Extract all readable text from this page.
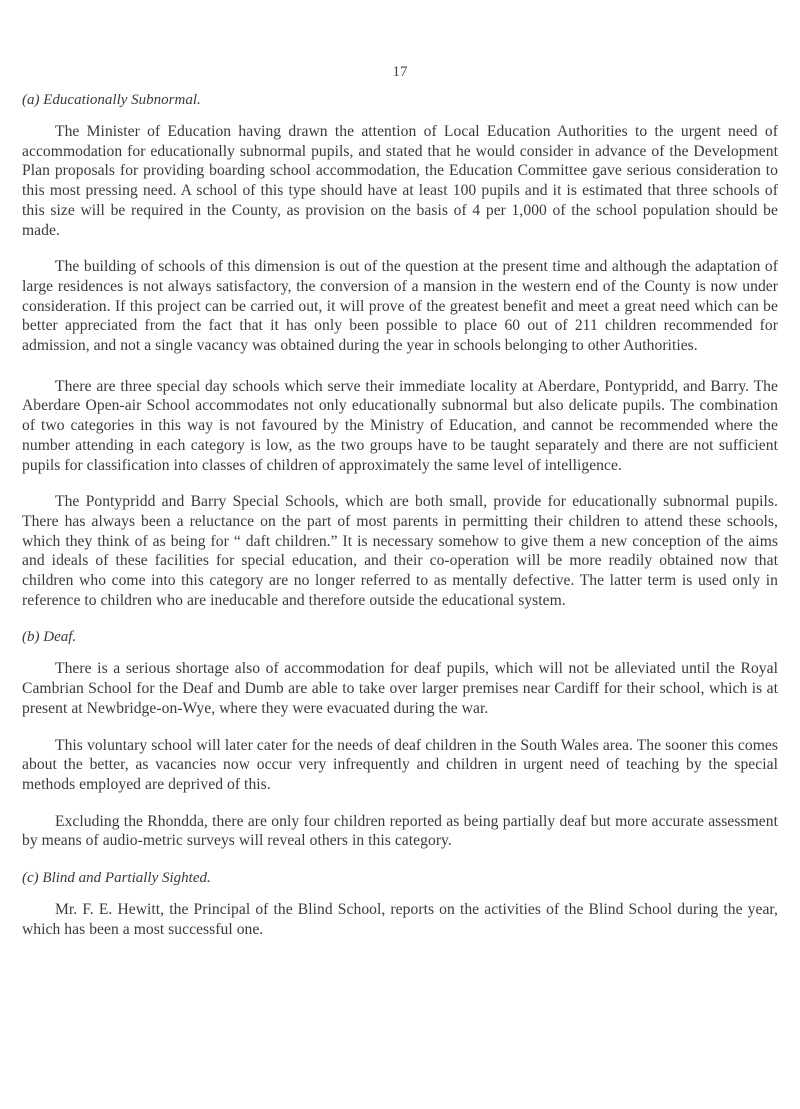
17
(a) Educationally Subnormal.

The Minister of Education having drawn the attention of Local Education Authorities to the urgent need of accommodation for educationally subnormal pupils, and stated that he would consider in advance of the Development Plan proposals for providing boarding school accommodation, the Education Committee gave serious consideration to this most pressing need. A school of this type should have at least 100 pupils and it is estimated that three schools of this size will be required in the County, as provision on the basis of 4 per 1,000 of the school population should be made.

The building of schools of this dimension is out of the question at the present time and although the adaptation of large residences is not always satisfactory, the conversion of a mansion in the western end of the County is now under consideration. If this project can be carried out, it will prove of the greatest benefit and meet a great need which can be better appreciated from the fact that it has only been possible to place 60 out of 211 children recommended for admission, and not a single vacancy was obtained during the year in schools belonging to other Authorities.

There are three special day schools which serve their immediate locality at Aberdare, Pontypridd, and Barry. The Aberdare Open-air School accommodates not only educationally subnormal but also delicate pupils. The combination of two categories in this way is not favoured by the Ministry of Education, and cannot be recommended where the number attending in each category is low, as the two groups have to be taught separately and there are not sufficient pupils for classification into classes of children of approximately the same level of intelligence.

The Pontypridd and Barry Special Schools, which are both small, provide for educationally subnormal pupils. There has always been a reluctance on the part of most parents in permitting their children to attend these schools, which they think of as being for “ daft children.” It is necessary somehow to give them a new conception of the aims and ideals of these facilities for special education, and their co-operation will be more readily obtained now that children who come into this category are no longer referred to as mentally defective. The latter term is used only in reference to children who are ineducable and therefore outside the educational system.

(b) Deaf.

There is a serious shortage also of accommodation for deaf pupils, which will not be alleviated until the Royal Cambrian School for the Deaf and Dumb are able to take over larger premises near Cardiff for their school, which is at present at Newbridge-on-Wye, where they were evacuated during the war.

This voluntary school will later cater for the needs of deaf children in the South Wales area. The sooner this comes about the better, as vacancies now occur very infrequently and children in urgent need of teaching by the special methods employed are deprived of this.

Excluding the Rhondda, there are only four children reported as being partially deaf but more accurate assessment by means of audio-metric surveys will reveal others in this category.

(c) Blind and Partially Sighted.

Mr. F. E. Hewitt, the Principal of the Blind School, reports on the activities of the Blind School during the year, which has been a most successful one.
